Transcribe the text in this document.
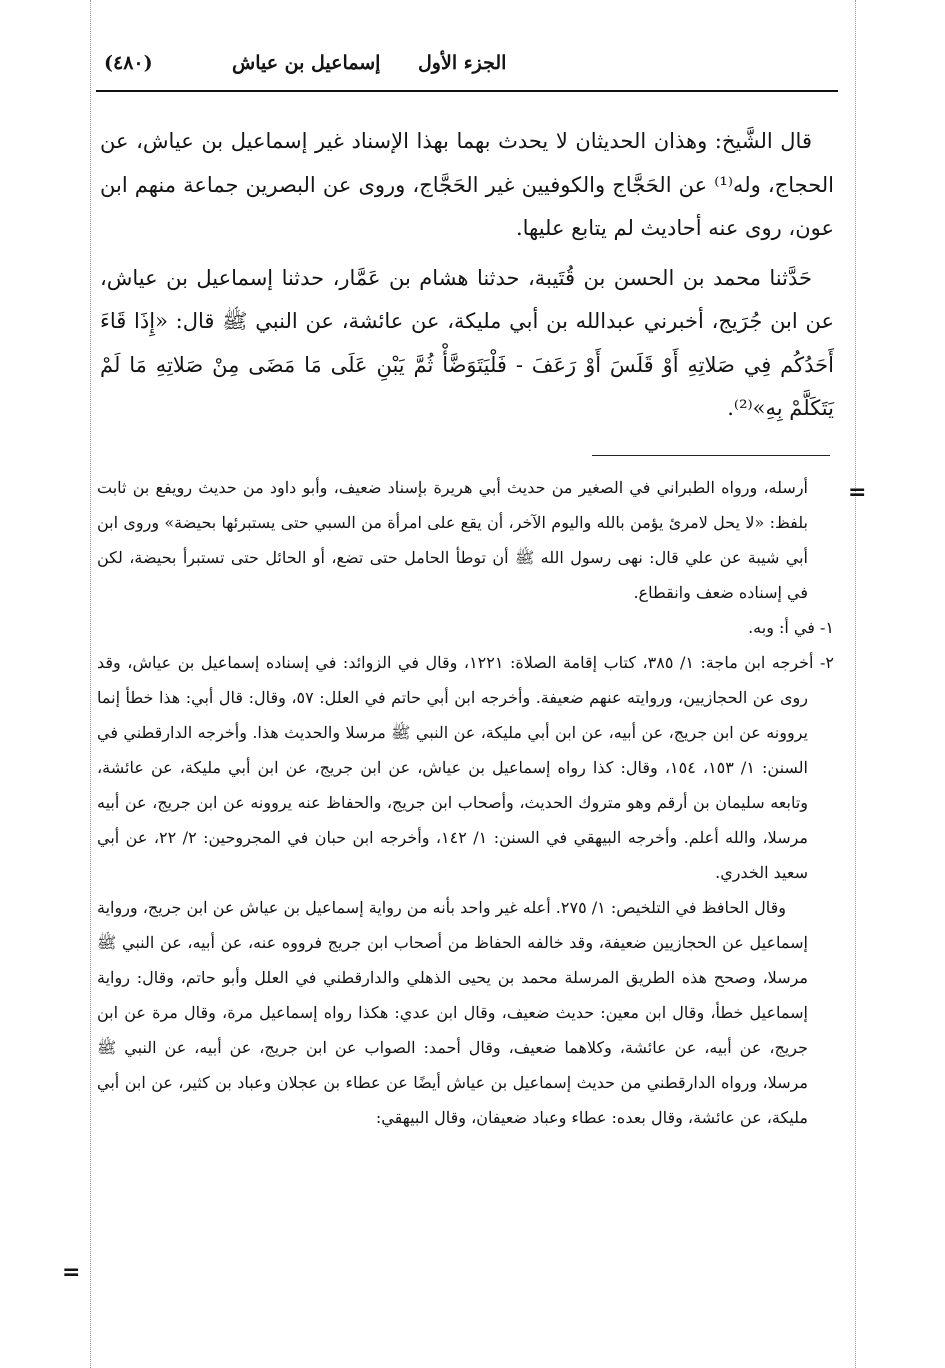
(٤٨٠)	الجزء الأول
إسماعيل بن عياش

قال الشَّيخ: وهذان الحديثان لا يحدث بهما بهذا الإسناد غير إسماعيل بن عياش، عن الحجاج، وله⁽¹⁾ عن الحَجَّاج والكوفيين غير الحَجَّاج، وروى عن البصرين جماعة منهم ابن عون، روى عنه أحاديث لم يتابع عليها.

حَدَّثنا محمد بن الحسن بن قُتَيبة، حدثنا هشام بن عَمَّار، حدثنا إسماعيل بن عياش، عن ابن جُرَيج، أخبرني عبدالله بن أبي مليكة، عن عائشة، عن النبي ﷺ قال: «إِذَا قَاءَ أَحَدُكُم فِي صَلاتِهِ أَوْ قَلَسَ أَوْ رَعَفَ - فَلْيَتَوَضَّأْ ثُمَّ يَبْنِ عَلَى مَا مَضَى مِنْ صَلاتِهِ مَا لَمْ يَتَكَلَّمْ بِهِ»⁽²⁾.

=

أرسله، ورواه الطبراني في الصغير من حديث أبي هريرة بإسناد ضعيف، وأبو داود من حديث رويفع بن ثابت بلفظ: «لا يحل لامرئ يؤمن بالله واليوم الآخر، أن يقع على امرأة من السبي حتى يستبرئها بحيضة» وروى ابن أبي شيبة عن علي قال: نهى رسول الله ﷺ أن توطأ الحامل حتى تضع، أو الحائل حتى تستبرأ بحيضة، لكن في إسناده ضعف وانقطاع.

١- في أ: وبه.

٢- أخرجه ابن ماجة: ١/ ٣٨٥، كتاب إقامة الصلاة: ١٢٢١، وقال في الزوائد: في إسناده إسماعيل بن عياش، وقد روى عن الحجازيين، وروايته عنهم ضعيفة. وأخرجه ابن أبي حاتم في العلل: ٥٧، وقال: قال أبي: هذا خطأ إنما يروونه عن ابن جريج، عن أبيه، عن ابن أبي مليكة، عن النبي ﷺ مرسلا والحديث هذا. وأخرجه الدارقطني في السنن: ١/ ١٥٣، ١٥٤، وقال: كذا رواه إسماعيل بن عياش، عن ابن جريج، عن ابن أبي مليكة، عن عائشة، وتابعه سليمان بن أرقم وهو متروك الحديث، وأصحاب ابن جريج، والحفاظ عنه يروونه عن ابن جريج، عن أبيه مرسلا، والله أعلم. وأخرجه البيهقي في السنن: ١/ ١٤٢، وأخرجه ابن حبان في المجروحين: ٢/ ٢٢، عن أبي سعيد الخدري.

وقال الحافظ في التلخيص: ١/ ٢٧٥. أعله غير واحد بأنه من رواية إسماعيل بن عياش عن ابن جريج، ورواية إسماعيل عن الحجازيين ضعيفة، وقد خالفه الحفاظ من أصحاب ابن جريج فرووه عنه، عن أبيه، عن النبي ﷺ مرسلا، وصحح هذه الطريق المرسلة محمد بن يحيى الذهلي والدارقطني في العلل وأبو حاتم، وقال: رواية إسماعيل خطأ، وقال ابن معين: حديث ضعيف، وقال ابن عدي: هكذا رواه إسماعيل مرة، وقال مرة عن ابن جريج، عن أبيه، عن عائشة، وكلاهما ضعيف، وقال أحمد: الصواب عن ابن جريج، عن أبيه، عن النبي ﷺ مرسلا، ورواه الدارقطني من حديث إسماعيل بن عياش أيضًا عن عطاء بن عجلان وعباد بن كثير، عن ابن أبي مليكة، عن عائشة، وقال بعده: عطاء وعباد ضعيفان، وقال البيهقي:

=
